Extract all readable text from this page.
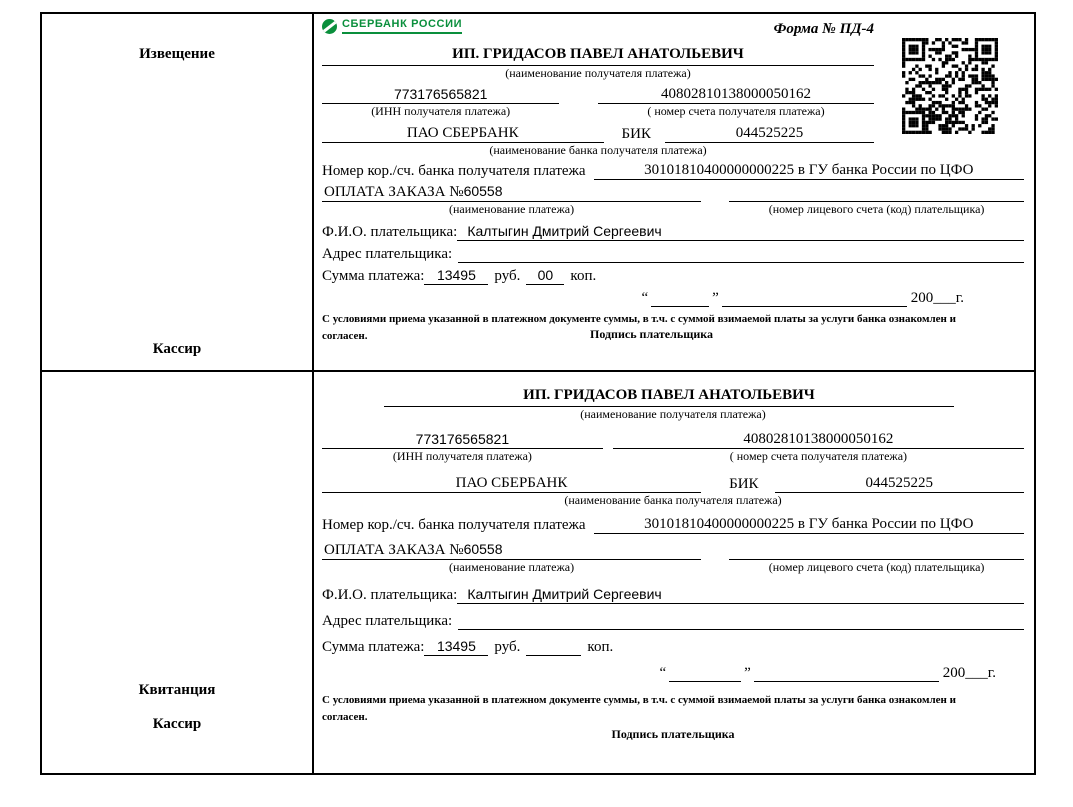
Извещение
Кассир
СБЕРБАНК РОССИИ	Форма № ПД-4
ИП. ГРИДАСОВ ПАВЕЛ АНАТОЛЬЕВИЧ
(наименование получателя платежа)
773176565821	40802810138000050162
(ИНН получателя платежа)	( номер счета получателя платежа)
ПАО СБЕРБАНК	БИК	044525225
(наименование банка получателя платежа)
Номер кор./сч. банка получателя платежа	30101810400000000225 в ГУ банка России по ЦФО
ОПЛАТА ЗАКАЗА №60558
(наименование платежа)	(номер лицевого счета (код) плательщика)
Ф.И.О. плательщика: Калтыгин Дмитрий Сергеевич
Адрес плательщика:
Сумма платежа: 13495	руб.	00	коп.
“	”	200___г.
С условиями приема указанной в платежном документе суммы, в т.ч. с суммой взимаемой платы за услуги банка ознакомлен и согласен.	Подпись плательщика
Квитанция
Кассир
ИП. ГРИДАСОВ ПАВЕЛ АНАТОЛЬЕВИЧ
(наименование получателя платежа)
773176565821	40802810138000050162
(ИНН получателя платежа)	( номер счета получателя платежа)
ПАО СБЕРБАНК	БИК	044525225
(наименование банка получателя платежа)
Номер кор./сч. банка получателя платежа	30101810400000000225 в ГУ банка России по ЦФО
ОПЛАТА ЗАКАЗА №60558
(наименование платежа)	(номер лицевого счета (код) плательщика)
Ф.И.О. плательщика: Калтыгин Дмитрий Сергеевич
Адрес плательщика:
Сумма платежа: 13495	руб.	коп.
“	”	200___г.
С условиями приема указанной в платежном документе суммы, в т.ч. с суммой взимаемой платы за услуги банка ознакомлен и согласен.
Подпись плательщика
